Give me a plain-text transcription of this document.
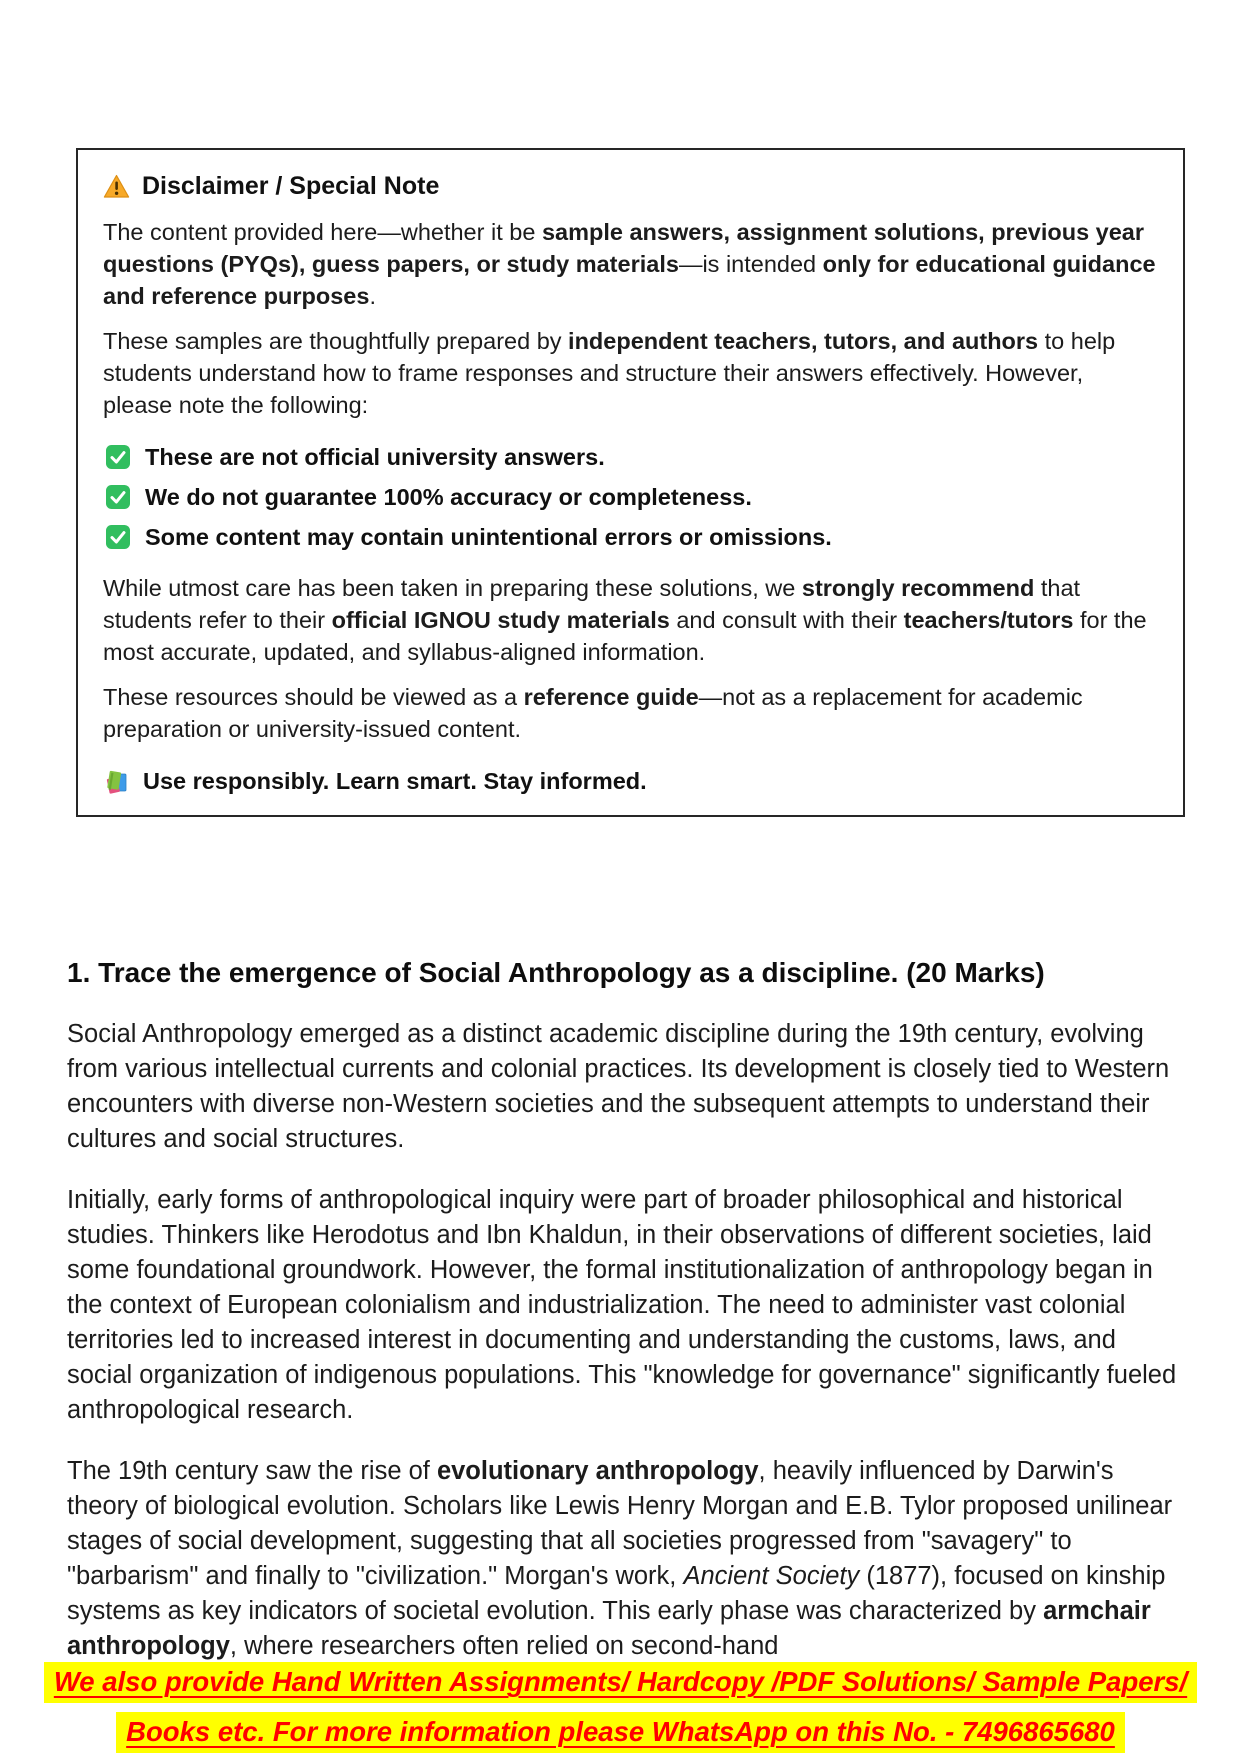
Disclaimer / Special Note

The content provided here—whether it be sample answers, assignment solutions, previous year questions (PYQs), guess papers, or study materials—is intended only for educational guidance and reference purposes.

These samples are thoughtfully prepared by independent teachers, tutors, and authors to help students understand how to frame responses and structure their answers effectively. However, please note the following:

These are not official university answers.
We do not guarantee 100% accuracy or completeness.
Some content may contain unintentional errors or omissions.

While utmost care has been taken in preparing these solutions, we strongly recommend that students refer to their official IGNOU study materials and consult with their teachers/tutors for the most accurate, updated, and syllabus-aligned information.

These resources should be viewed as a reference guide—not as a replacement for academic preparation or university-issued content.

Use responsibly. Learn smart. Stay informed.
1. Trace the emergence of Social Anthropology as a discipline. (20 Marks)

Social Anthropology emerged as a distinct academic discipline during the 19th century, evolving from various intellectual currents and colonial practices. Its development is closely tied to Western encounters with diverse non-Western societies and the subsequent attempts to understand their cultures and social structures.

Initially, early forms of anthropological inquiry were part of broader philosophical and historical studies. Thinkers like Herodotus and Ibn Khaldun, in their observations of different societies, laid some foundational groundwork. However, the formal institutionalization of anthropology began in the context of European colonialism and industrialization. The need to administer vast colonial territories led to increased interest in documenting and understanding the customs, laws, and social organization of indigenous populations. This "knowledge for governance" significantly fueled anthropological research.

The 19th century saw the rise of evolutionary anthropology, heavily influenced by Darwin's theory of biological evolution. Scholars like Lewis Henry Morgan and E.B. Tylor proposed unilinear stages of social development, suggesting that all societies progressed from "savagery" to "barbarism" and finally to "civilization." Morgan's work, Ancient Society (1877), focused on kinship systems as key indicators of societal evolution. This early phase was characterized by armchair anthropology, where researchers often relied on second-hand

We also provide Hand Written Assignments/ Hardcopy /PDF Solutions/ Sample Papers/
Books etc. For more information please WhatsApp on this No. - 7496865680
